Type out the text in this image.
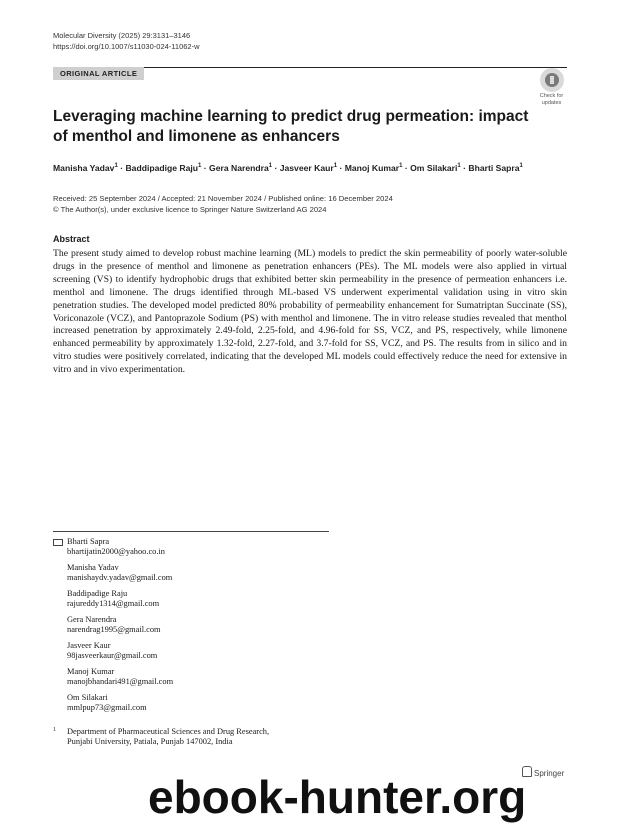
Molecular Diversity (2025) 29:3131–3146
https://doi.org/10.1007/s11030-024-11062-w
ORIGINAL ARTICLE
Check for
updates
Leveraging machine learning to predict drug permeation: impact of menthol and limonene as enhancers
Manisha Yadav$^1$ · Baddipadige Raju$^1$ · Gera Narendra$^1$ · Jasveer Kaur$^1$ · Manoj Kumar$^1$ · Om Silakari$^1$ · Bharti Sapra$^1$
Received: 25 September 2024 / Accepted: 21 November 2024 / Published online: 16 December 2024
© The Author(s), under exclusive licence to Springer Nature Switzerland AG 2024
Abstract
The present study aimed to develop robust machine learning (ML) models to predict the skin permeability of poorly water-soluble drugs in the presence of menthol and limonene as penetration enhancers (PEs). The ML models were also applied in virtual screening (VS) to identify hydrophobic drugs that exhibited better skin permeability in the presence of permeation enhancers i.e. menthol and limonene. The drugs identified through ML-based VS underwent experimental validation using in vitro skin penetration studies. The developed model predicted 80% probability of permeability enhancement for Sumatriptan Succinate (SS), Voriconazole (VCZ), and Pantoprazole Sodium (PS) with menthol and limonene. The in vitro release studies revealed that menthol increased penetration by approximately 2.49-fold, 2.25-fold, and 4.96-fold for SS, VCZ, and PS, respectively, while limonene enhanced permeability by approximately 1.32-fold, 2.27-fold, and 3.7-fold for SS, VCZ, and PS. The results from in silico and in vitro studies were positively correlated, indicating that the developed ML models could effectively reduce the need for extensive in vitro and in vivo experimentation.
Bharti Sapra
bhartijatin2000@yahoo.co.in
Manisha Yadav
manishaydv.yadav@gmail.com
Baddipadige Raju
rajureddy1314@gmail.com
Gera Narendra
narendrag1995@gmail.com
Jasveer Kaur
98jasveerkaur@gmail.com
Manoj Kumar
manojbhandari491@gmail.com
Om Silakari
mmlpup73@gmail.com
1	Department of Pharmaceutical Sciences and Drug Research,
Punjabi University, Patiala, Punjab 147002, India
Springer
ebook-hunter.org
